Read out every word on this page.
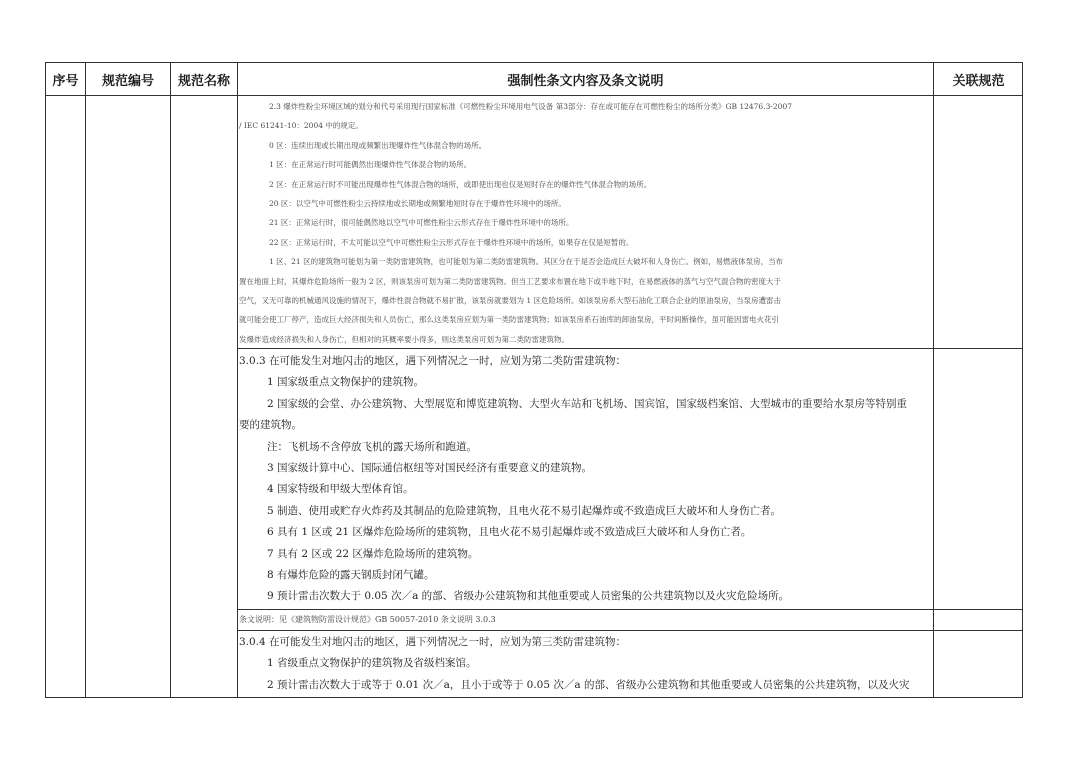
序号	规范编号	规范名称	强制性条文内容及条文说明	关联规范

2.3 爆炸性粉尘环境区域的划分和代号采用现行国家标准《可燃性粉尘环境用电气设备 第3部分：存在或可能存在可燃性粉尘的场所分类》GB 12476.3-2007

/ IEC 61241-10：2004 中的规定。

0 区：连续出现或长期出现或频繁出现爆炸性气体混合物的场所。

1 区：在正常运行时可能偶然出现爆炸性气体混合物的场所。

2 区：在正常运行时不可能出现爆炸性气体混合物的场所，或即使出现也仅是短时存在的爆炸性气体混合物的场所。

20 区：以空气中可燃性粉尘云持续地或长期地或频繁地短时存在于爆炸性环境中的场所。

21 区：正常运行时，很可能偶然地以空气中可燃性粉尘云形式存在于爆炸性环境中的场所。

22 区：正常运行时，不太可能以空气中可燃性粉尘云形式存在于爆炸性环境中的场所，如果存在仅是短暂的。

1 区、21 区的建筑物可能划为第一类防雷建筑物，也可能划为第二类防雷建筑物。其区分在于是否会造成巨大破坏和人身伤亡。例如，易燃液体泵房，当布

置在地面上时，其爆炸危险场所一般为 2 区，则该泵房可划为第二类防雷建筑物。但当工艺要求布置在地下或半地下时，在易燃液体的蒸气与空气混合物的密度大于

空气，又无可靠的机械通风设施的情况下，爆炸性混合物就不易扩散，该泵房就要划为 1 区危险场所。如该泵房系大型石油化工联合企业的原油泵房，当泵房遭雷击

就可能会使工厂停产，造成巨大经济损失和人员伤亡，那么这类泵房应划为第一类防雷建筑物；如该泵房系石油库的卸油泵房，平时间断操作，虽可能因雷电火花引

发爆炸造成经济损失和人身伤亡，但相对的其概率要小得多，则这类泵房可划为第二类防雷建筑物。

3.0.3 在可能发生对地闪击的地区，遇下列情况之一时，应划为第二类防雷建筑物：

1 国家级重点文物保护的建筑物。

2 国家级的会堂、办公建筑物、大型展览和博览建筑物、大型火车站和飞机场、国宾馆，国家级档案馆、大型城市的重要给水泵房等特别重

要的建筑物。

注：飞机场不含停放飞机的露天场所和跑道。

3 国家级计算中心、国际通信枢纽等对国民经济有重要意义的建筑物。

4 国家特级和甲级大型体育馆。

5 制造、使用或贮存火炸药及其制品的危险建筑物，且电火花不易引起爆炸或不致造成巨大破坏和人身伤亡者。

6 具有 1 区或 21 区爆炸危险场所的建筑物，且电火花不易引起爆炸或不致造成巨大破坏和人身伤亡者。

7 具有 2 区或 22 区爆炸危险场所的建筑物。

8 有爆炸危险的露天钢质封闭气罐。

9 预计雷击次数大于 0.05 次／a 的部、省级办公建筑物和其他重要或人员密集的公共建筑物以及火灾危险场所。

条文说明：见《建筑物防雷设计规范》GB 50057-2010 条文说明 3.0.3

3.0.4 在可能发生对地闪击的地区，遇下列情况之一时，应划为第三类防雷建筑物：

1 省级重点文物保护的建筑物及省级档案馆。

2 预计雷击次数大于或等于 0.01 次／a，且小于或等于 0.05 次／a 的部、省级办公建筑物和其他重要或人员密集的公共建筑物，以及火灾
